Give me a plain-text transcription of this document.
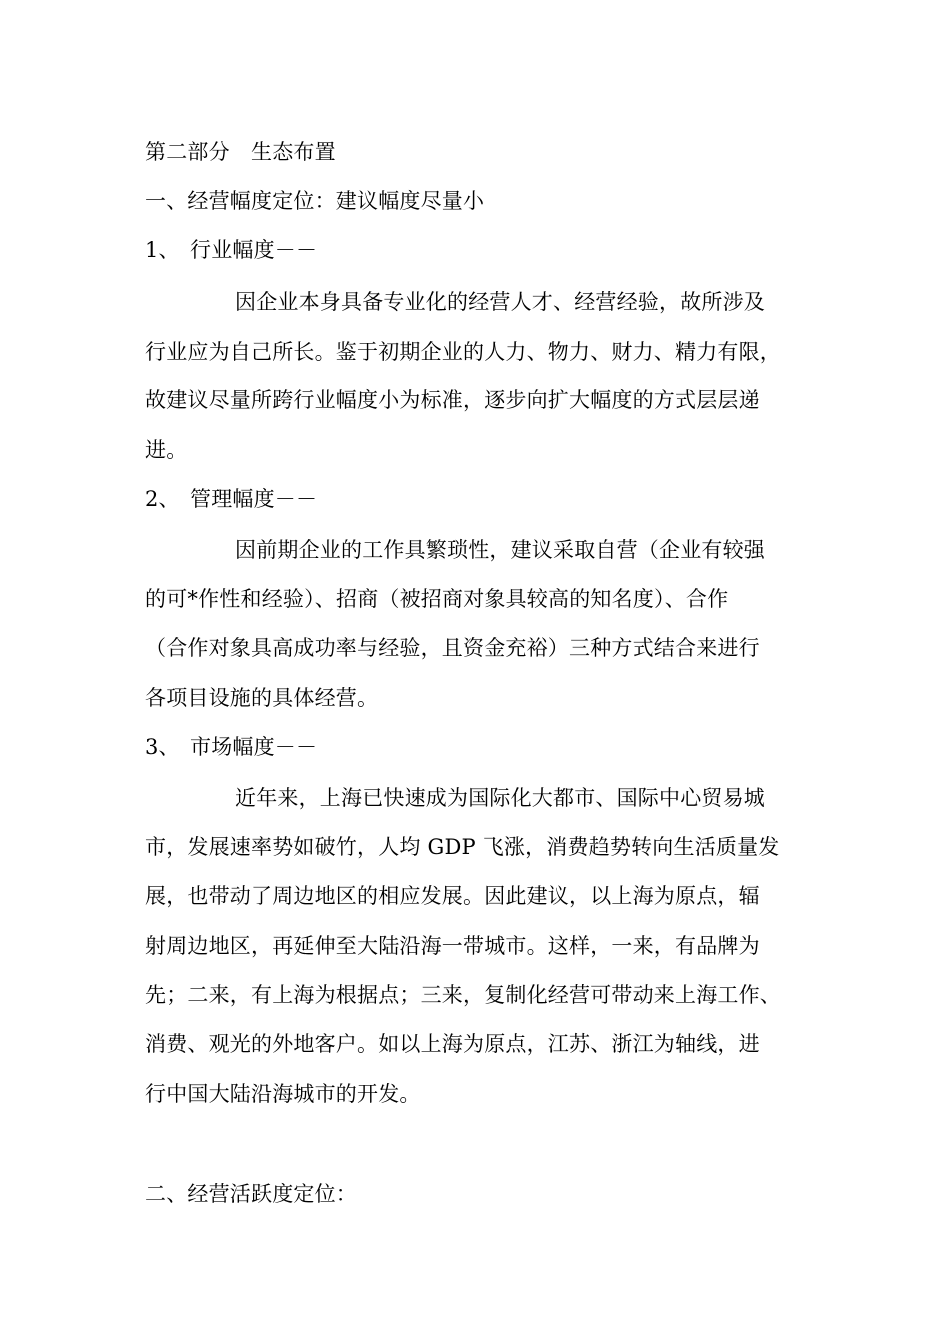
第二部分　生态布置
一、经营幅度定位：建议幅度尽量小
1、 行业幅度－－
因企业本身具备专业化的经营人才、经营经验，故所涉及
行业应为自己所长。鉴于初期企业的人力、物力、财力、精力有限，
故建议尽量所跨行业幅度小为标准，逐步向扩大幅度的方式层层递
进。
2、 管理幅度－－
因前期企业的工作具繁琐性，建议采取自营（企业有较强
的可*作性和经验）、招商（被招商对象具较高的知名度）、合作
（合作对象具高成功率与经验，且资金充裕）三种方式结合来进行
各项目设施的具体经营。
3、 市场幅度－－
近年来，上海已快速成为国际化大都市、国际中心贸易城
市，发展速率势如破竹，人均 GDP 飞涨，消费趋势转向生活质量发
展，也带动了周边地区的相应发展。因此建议，以上海为原点，辐
射周边地区，再延伸至大陆沿海一带城市。这样，一来，有品牌为
先；二来，有上海为根据点；三来，复制化经营可带动来上海工作、
消费、观光的外地客户。如以上海为原点，江苏、浙江为轴线，进
行中国大陆沿海城市的开发。
二、经营活跃度定位：
